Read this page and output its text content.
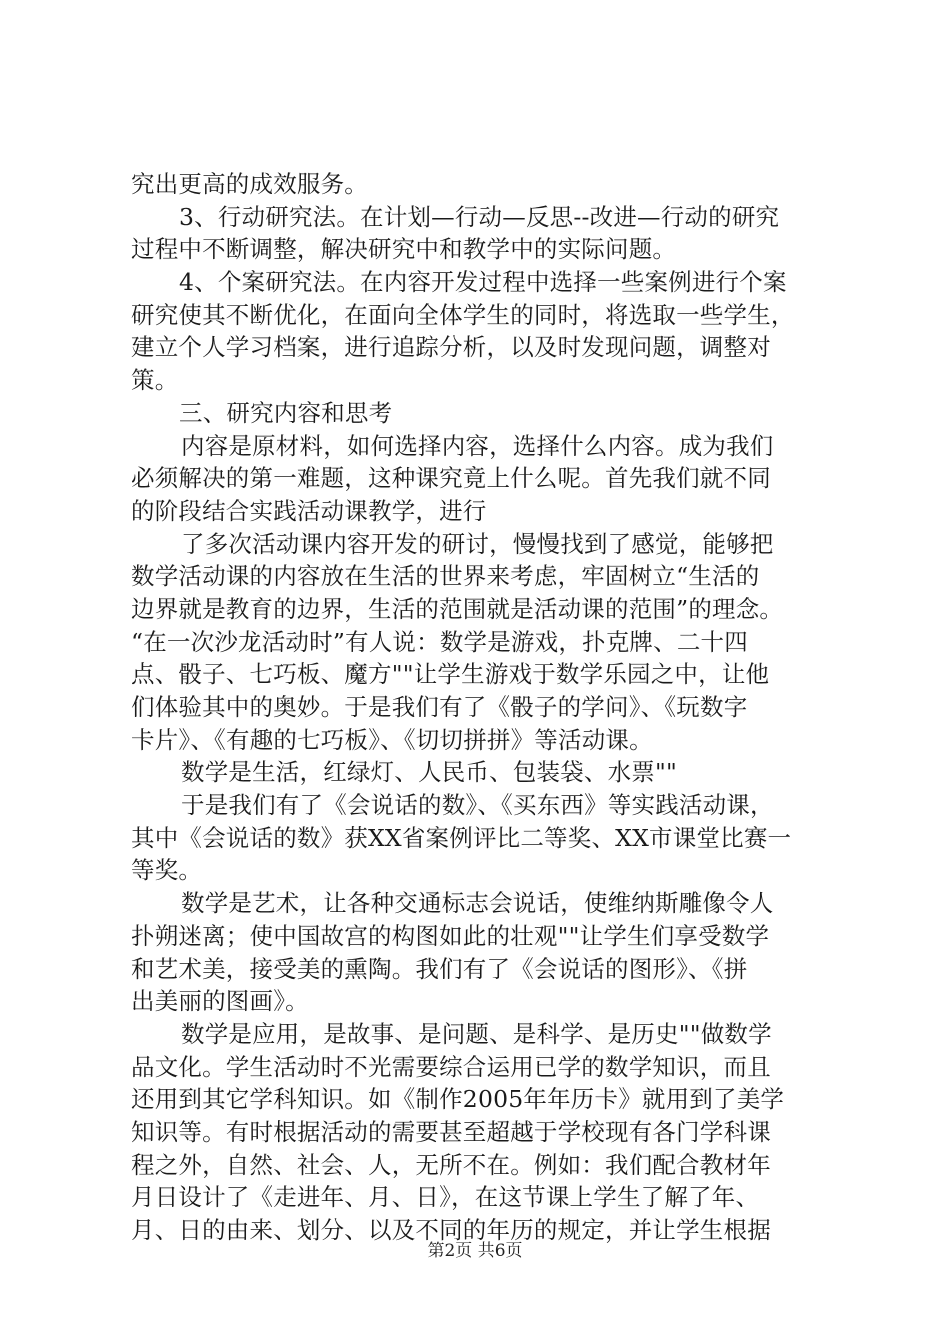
究出更高的成效服务。
3、行动研究法。在计划—行动—反思--改进—行动的研究
过程中不断调整，解决研究中和教学中的实际问题。
4、个案研究法。在内容开发过程中选择一些案例进行个案
研究使其不断优化，在面向全体学生的同时，将选取一些学生，
建立个人学习档案，进行追踪分析，以及时发现问题，调整对
策。
三、研究内容和思考
内容是原材料，如何选择内容，选择什么内容。成为我们
必须解决的第一难题，这种课究竟上什么呢。首先我们就不同
的阶段结合实践活动课教学，进行
了多次活动课内容开发的研讨，慢慢找到了感觉，能够把
数学活动课的内容放在生活的世界来考虑，牢固树立“生活的
边界就是教育的边界，生活的范围就是活动课的范围”的理念。
“在一次沙龙活动时”有人说：数学是游戏，扑克牌、二十四
点、骰子、七巧板、魔方""让学生游戏于数学乐园之中，让他
们体验其中的奥妙。于是我们有了《骰子的学问》、《玩数字
卡片》、《有趣的七巧板》、《切切拼拼》等活动课。
数学是生活，红绿灯、人民币、包装袋、水票""
于是我们有了《会说话的数》、《买东西》等实践活动课，
其中《会说话的数》获XX省案例评比二等奖、XX市课堂比赛一
等奖。
数学是艺术，让各种交通标志会说话，使维纳斯雕像令人
扑朔迷离；使中国故宫的构图如此的壮观""让学生们享受数学
和艺术美，接受美的熏陶。我们有了《会说话的图形》、《拼
出美丽的图画》。
数学是应用，是故事、是问题、是科学、是历史""做数学
品文化。学生活动时不光需要综合运用已学的数学知识，而且
还用到其它学科知识。如《制作2005年年历卡》就用到了美学
知识等。有时根据活动的需要甚至超越于学校现有各门学科课
程之外，自然、社会、人，无所不在。例如：我们配合教材年
月日设计了《走进年、月、日》，在这节课上学生了解了年、
月、日的由来、划分、以及不同的年历的规定，并让学生根据
第2页 共6页
